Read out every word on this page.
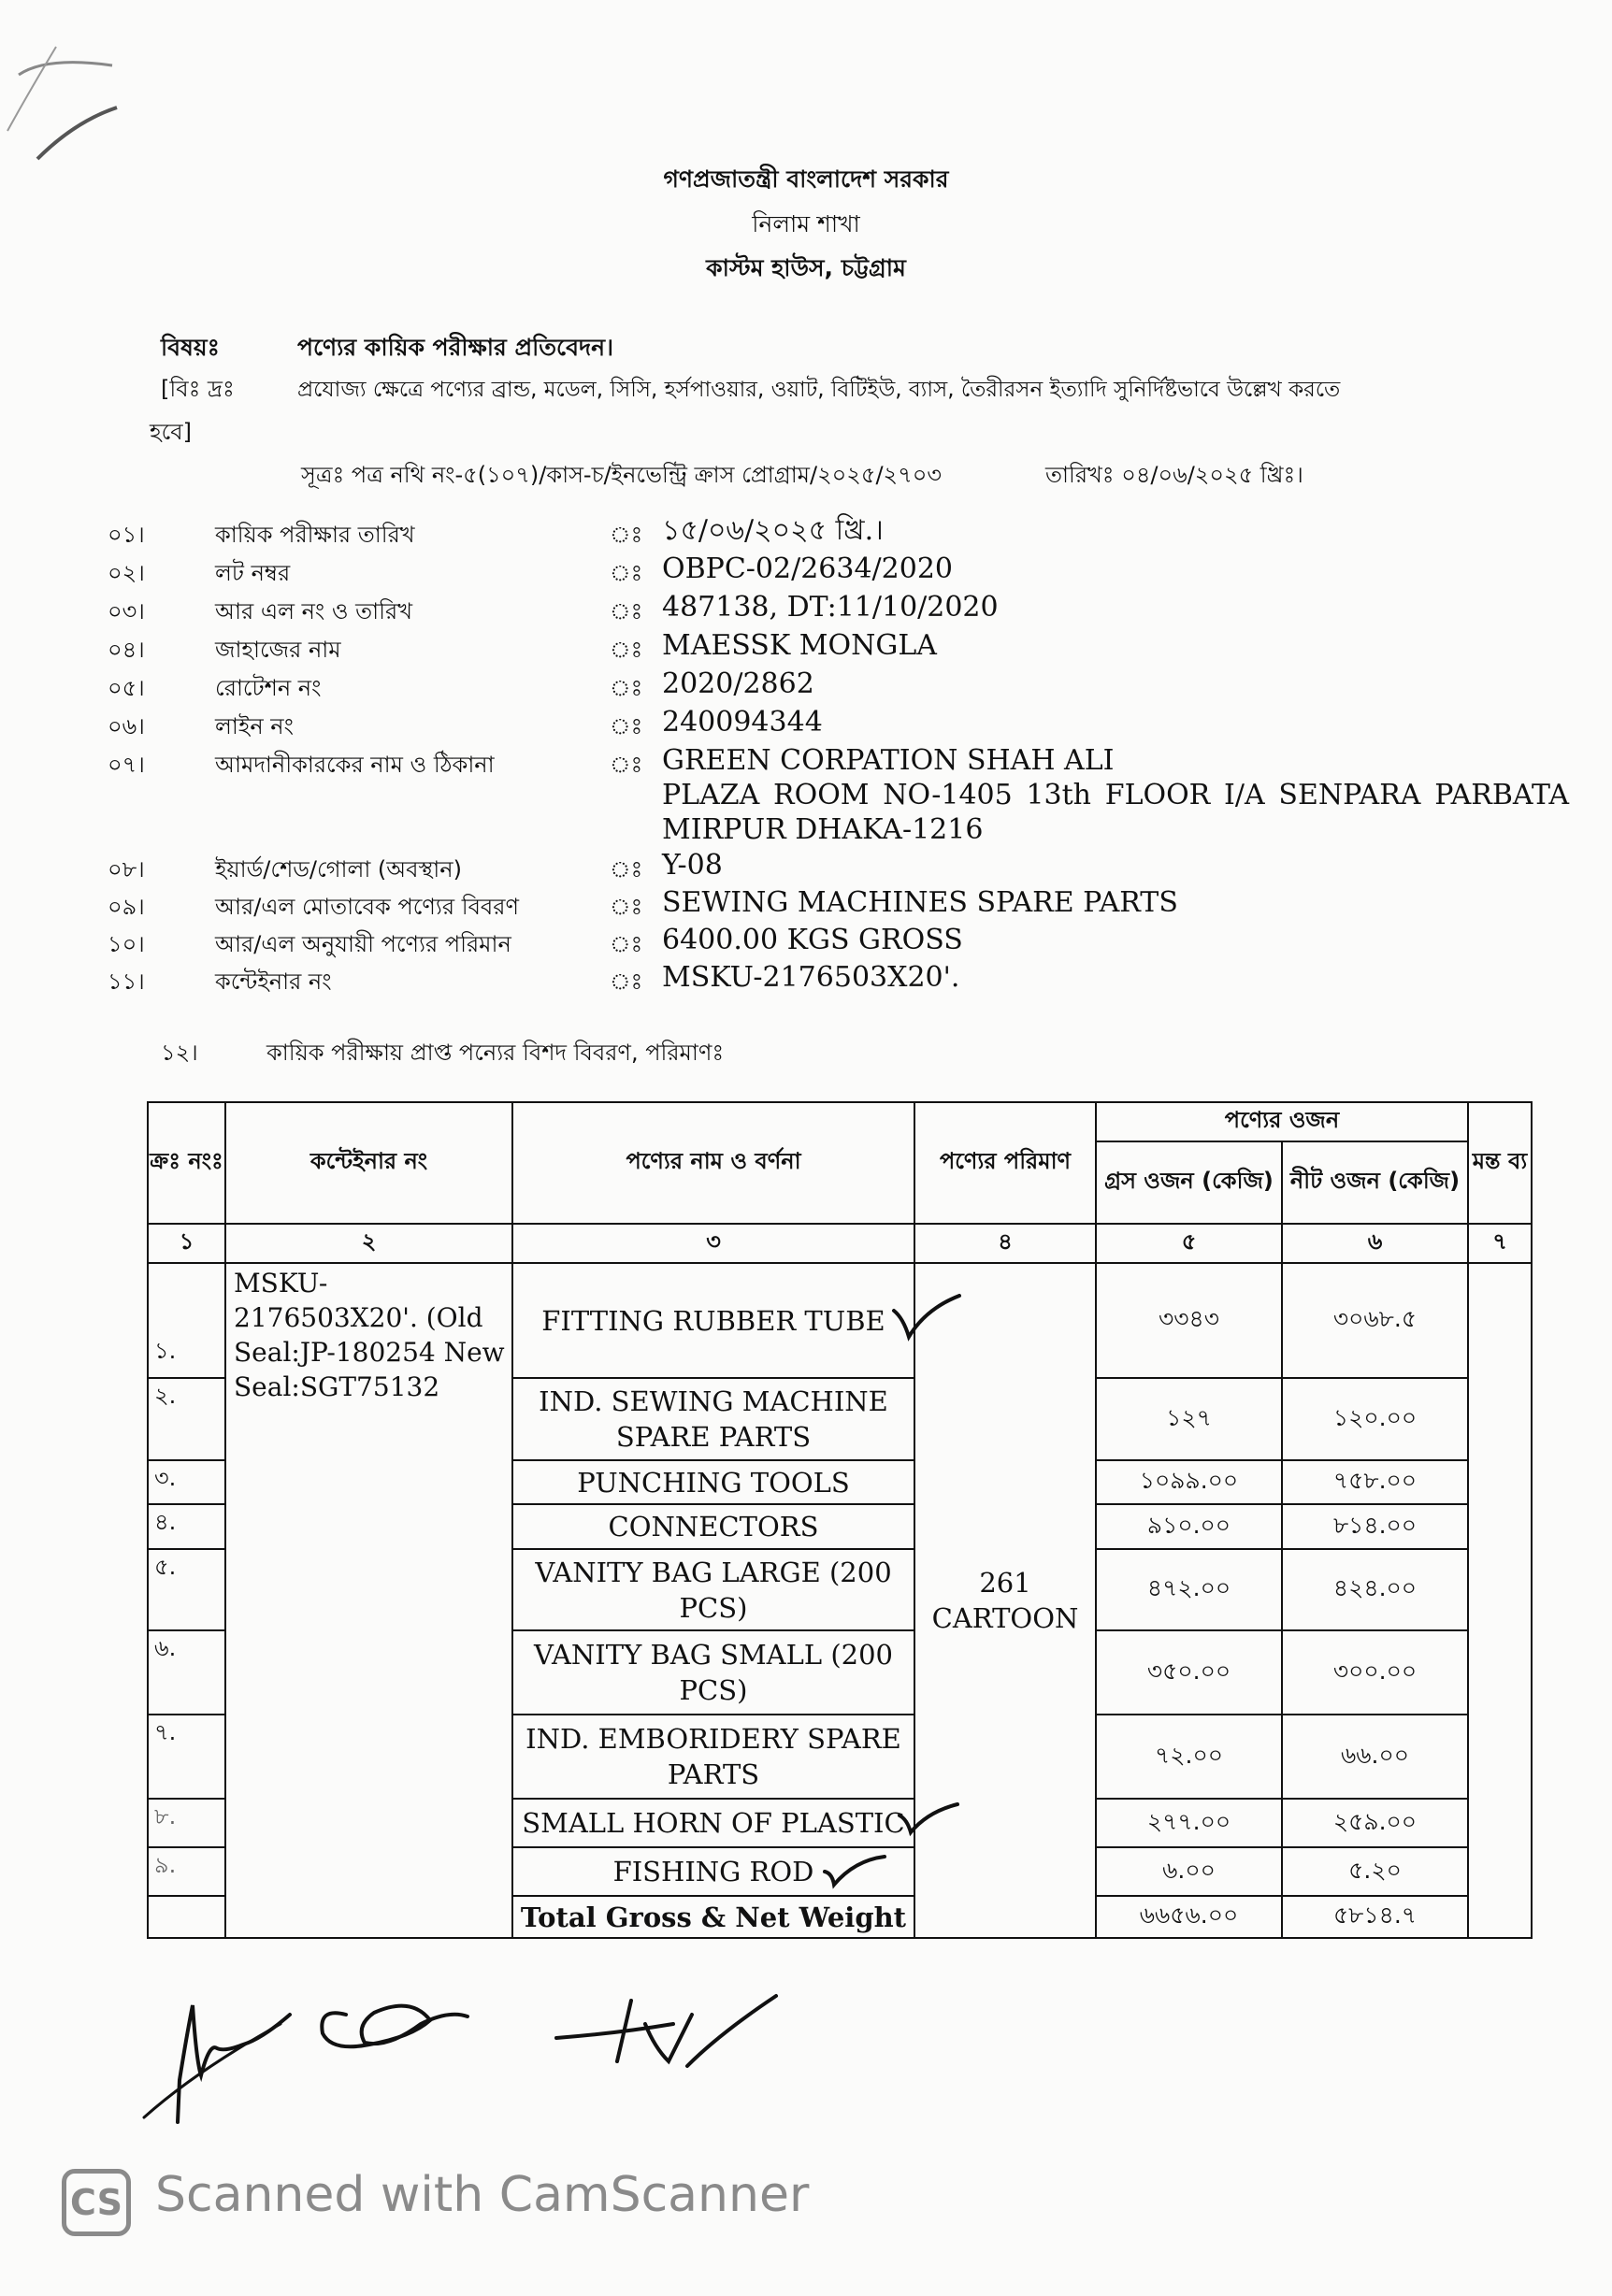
গণপ্রজাতন্ত্রী বাংলাদেশ সরকার
নিলাম শাখা
কাস্টম হাউস, চট্টগ্রাম
বিষয়ঃ	পণ্যের কায়িক পরীক্ষার প্রতিবেদন।
[বিঃ দ্রঃ	প্রযোজ্য ক্ষেত্রে পণ্যের ব্রান্ড, মডেল, সিসি, হর্সপাওয়ার, ওয়াট, বিটিইউ, ব্যাস, তৈরীরসন ইত্যাদি সুনির্দিষ্টভাবে উল্লেখ করতে
হবে]
সূত্রঃ পত্র নথি নং-৫(১০৭)/কাস-চ/ইনভেন্ট্রি ক্রাস প্রোগ্রাম/২০২৫/২৭০৩	তারিখঃ ০৪/০৬/২০২৫ খ্রিঃ।
০১।	কায়িক পরীক্ষার তারিখ	ঃ ১৫/০৬/২০২৫ খ্রি.।
০২।	লট নম্বর	ঃ OBPC-02/2634/2020
০৩।	আর এল নং ও তারিখ	ঃ 487138, DT:11/10/2020
০৪।	জাহাজের নাম	ঃ MAESSK MONGLA
০৫।	রোটেশন নং	ঃ 2020/2862
০৬।	লাইন নং	ঃ 240094344
০৭।	আমদানীকারকের নাম ও ঠিকানা	ঃ GREEN CORPATION SHAH ALI
PLAZA ROOM NO-1405 13th FLOOR I/A SENPARA PARBATA
MIRPUR DHAKA-1216
০৮।	ইয়ার্ড/শেড/গোলা (অবস্থান)	ঃ Y-08
০৯।	আর/এল মোতাবেক পণ্যের বিবরণ	ঃ SEWING MACHINES SPARE PARTS
১০।	আর/এল অনুযায়ী পণ্যের পরিমান	ঃ 6400.00 KGS GROSS
১১।	কন্টেইনার নং	ঃ MSKU-2176503X20'.
১২।	কায়িক পরীক্ষায় প্রাপ্ত পন্যের বিশদ বিবরণ, পরিমাণঃ
ক্রঃ নংঃ	কন্টেইনার নং	পণ্যের নাম ও বর্ণনা	পণ্যের পরিমাণ	পণ্যের ওজন		মন্ত ব্য
				গ্রস ওজন (কেজি)	নীট ওজন (কেজি)	
১	২	৩	৪	৫	৬	৭
১.	MSKU-2176503X20'. (Old Seal:JP-180254 New Seal:SGT75132	FITTING RUBBER TUBE	261 CARTOON	৩৩৪৩	৩০৬৮.৫	
২.		IND. SEWING MACHINE SPARE PARTS		১২৭	১২০.০০	
৩.		PUNCHING TOOLS		১০৯৯.০০	৭৫৮.০০	
৪.		CONNECTORS		৯১০.০০	৮১৪.০০	
৫.		VANITY BAG LARGE (200 PCS)		৪৭২.০০	৪২৪.০০	
৬.		VANITY BAG SMALL (200 PCS)		৩৫০.০০	৩০০.০০	
৭.		IND. EMBORIDERY SPARE PARTS		৭২.০০	৬৬.০০	
৮.		SMALL HORN OF PLASTIC		২৭৭.০০	২৫৯.০০	
৯.		FISHING ROD		৬.০০	৫.২০	
		Total Gross & Net Weight		৬৬৫৬.০০	৫৮১৪.৭	
CS Scanned with CamScanner
